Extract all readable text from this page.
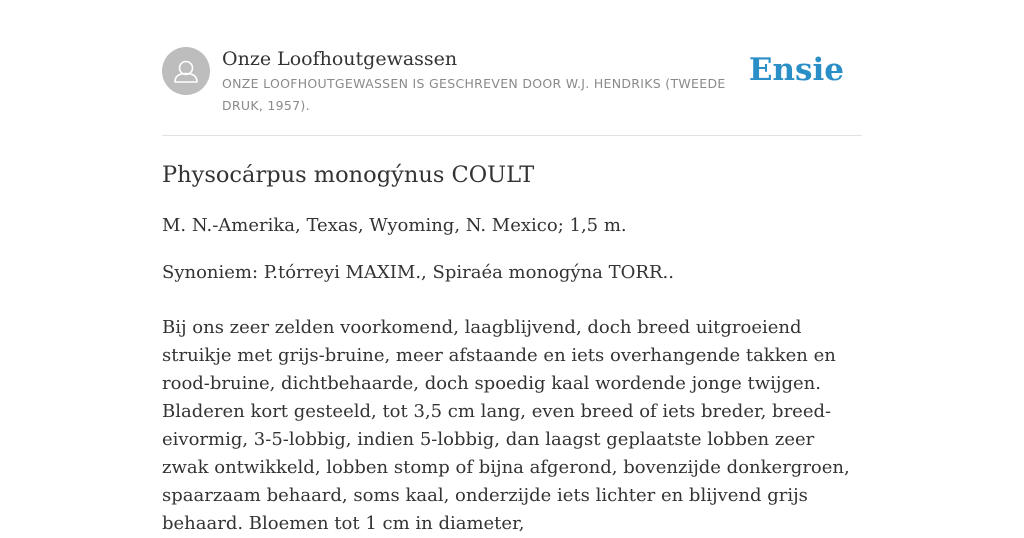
Onze Loofhoutgewassen
ONZE LOOFHOUTGEWASSEN IS GESCHREVEN DOOR W.J. HENDRIKS (TWEEDE DRUK, 1957).
Ensie
Physocárpus monogýnus COULT

M. N.-Amerika, Texas, Wyoming, N. Mexico; 1,5 m.

Synoniem: P.tórreyi MAXIM., Spiraéa monogýna TORR..

Bij ons zeer zelden voorkomend, laagblijvend, doch breed uitgroeiend struikje met grijs-bruine, meer afstaande en iets overhangende takken en rood-bruine, dichtbehaarde, doch spoedig kaal wordende jonge twijgen. Bladeren kort gesteeld, tot 3,5 cm lang, even breed of iets breder, breed-eivormig, 3-5-lobbig, indien 5-lobbig, dan laagst geplaatste lobben zeer zwak ontwikkeld, lobben stomp of bijna afgerond, bovenzijde donkergroen, spaarzaam behaard, soms kaal, onderzijde iets lichter en blijvend grijs behaard. Bloemen tot 1 cm in diameter,
